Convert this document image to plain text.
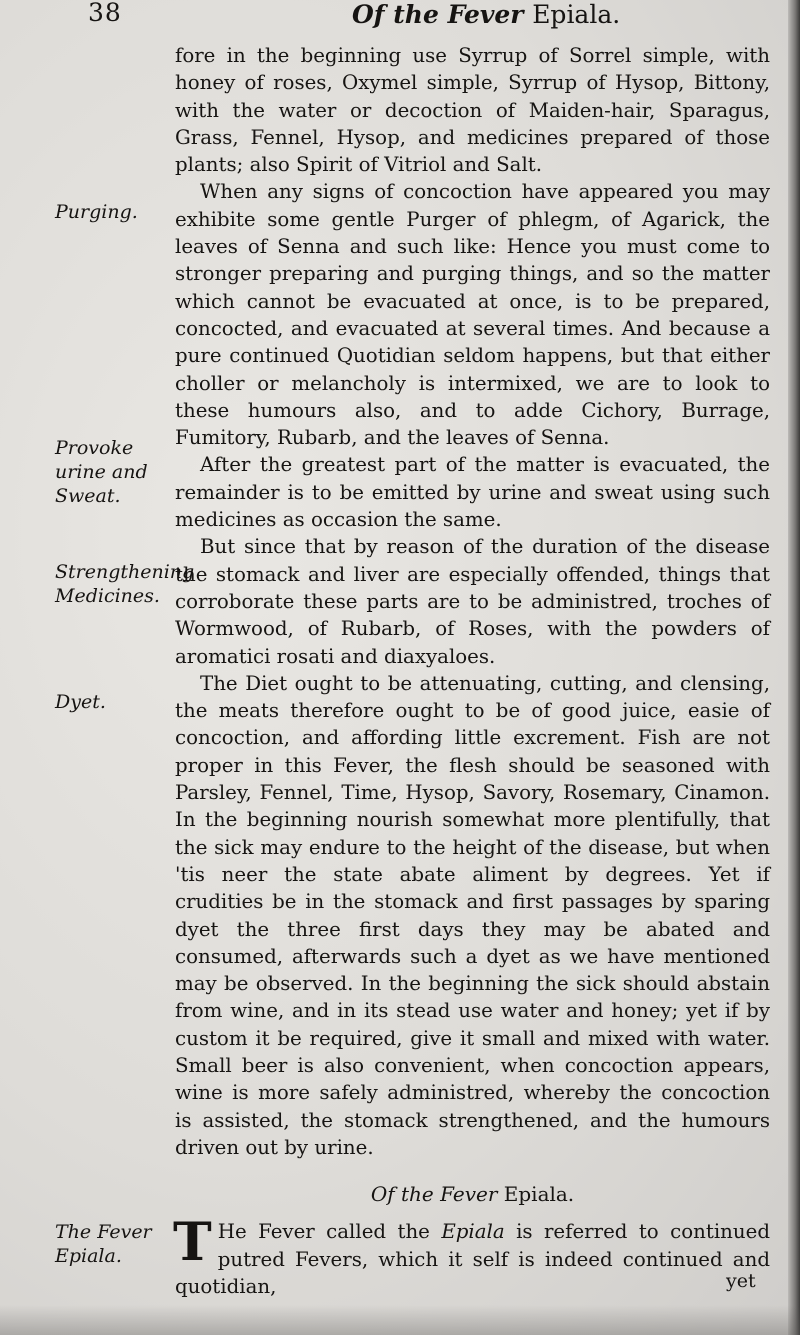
38	Of the Fever Epiala.
Purging.
Provoke urine and Sweat.
Strengthening Medicines.
Dyet.
The Fever Epiala.

fore in the beginning use Syrrup of Sorrel simple, with honey of roses, Oxymel simple, Syrrup of Hysop, Bittony, with the water or decoction of Maiden-hair, Sparagus, Grass, Fennel, Hysop, and medicines prepared of those plants; also Spirit of Vitriol and Salt.

When any signs of concoction have appeared you may exhibite some gentle Purger of phlegm, of Agarick, the leaves of Senna and such like: Hence you must come to stronger preparing and purging things, and so the matter which cannot be evacuated at once, is to be prepared, concocted, and evacuated at several times. And because a pure continued Quotidian seldom happens, but that either choller or melancholy is intermixed, we are to look to these humours also, and to adde Cichory, Burrage, Fumitory, Rubarb, and the leaves of Senna.

After the greatest part of the matter is evacuated, the remainder is to be emitted by urine and sweat using such medicines as occasion the same.

But since that by reason of the duration of the disease the stomack and liver are especially offended, things that corroborate these parts are to be administred, troches of Wormwood, of Rubarb, of Roses, with the powders of aromatici rosati and diaxyaloes.

The Diet ought to be attenuating, cutting, and clensing, the meats therefore ought to be of good juice, easie of concoction, and affording little excrement. Fish are not proper in this Fever, the flesh should be seasoned with Parsley, Fennel, Time, Hysop, Savory, Rosemary, Cinamon. In the beginning nourish somewhat more plentifully, that the sick may endure to the height of the disease, but when 'tis neer the state abate aliment by degrees. Yet if crudities be in the stomack and first passages by sparing dyet the three first days they may be abated and consumed, afterwards such a dyet as we have mentioned may be observed. In the beginning the sick should abstain from wine, and in its stead use water and honey; yet if by custom it be required, give it small and mixed with water. Small beer is also convenient, when concoction appears, wine is more safely administred, whereby the concoction is assisted, the stomack strengthened, and the humours driven out by urine.

Of the Fever Epiala.

T He Fever called the Epiala is referred to continued putred Fevers, which it self is indeed continued and quotidian,	yet
